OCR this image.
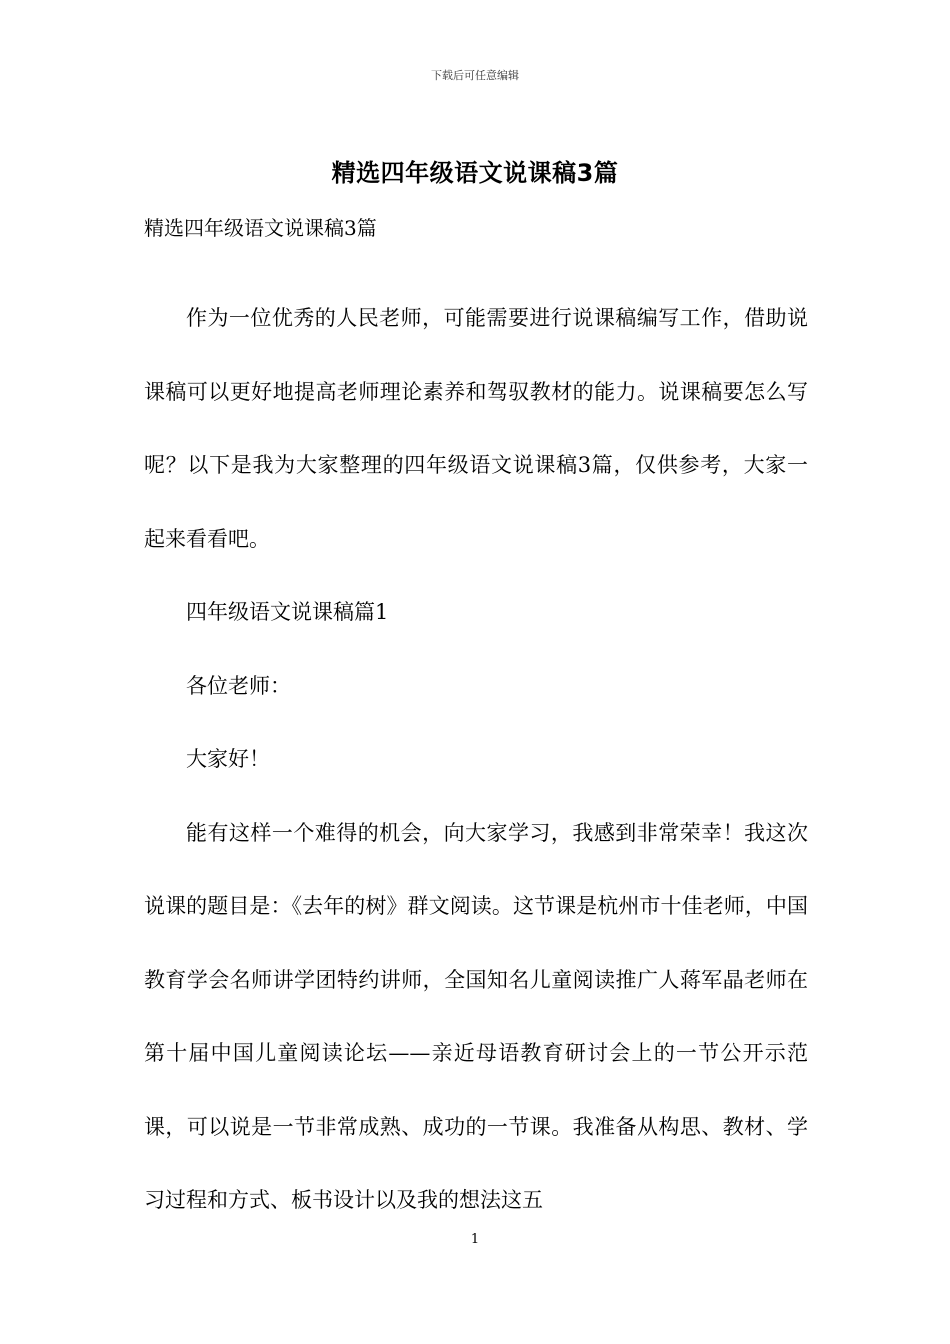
下载后可任意编辑
精选四年级语文说课稿3篇
精选四年级语文说课稿3篇

作为一位优秀的人民老师，可能需要进行说课稿编写工作，借助说课稿可以更好地提高老师理论素养和驾驭教材的能力。说课稿要怎么写呢？以下是我为大家整理的四年级语文说课稿3篇，仅供参考，大家一起来看看吧。

四年级语文说课稿篇1

各位老师：

大家好！

能有这样一个难得的机会，向大家学习，我感到非常荣幸！我这次说课的题目是：《去年的树》群文阅读。这节课是杭州市十佳老师，中国教育学会名师讲学团特约讲师，全国知名儿童阅读推广人蒋军晶老师在第十届中国儿童阅读论坛——亲近母语教育研讨会上的一节公开示范课，可以说是一节非常成熟、成功的一节课。我准备从构思、教材、学习过程和方式、板书设计以及我的想法这五

1
